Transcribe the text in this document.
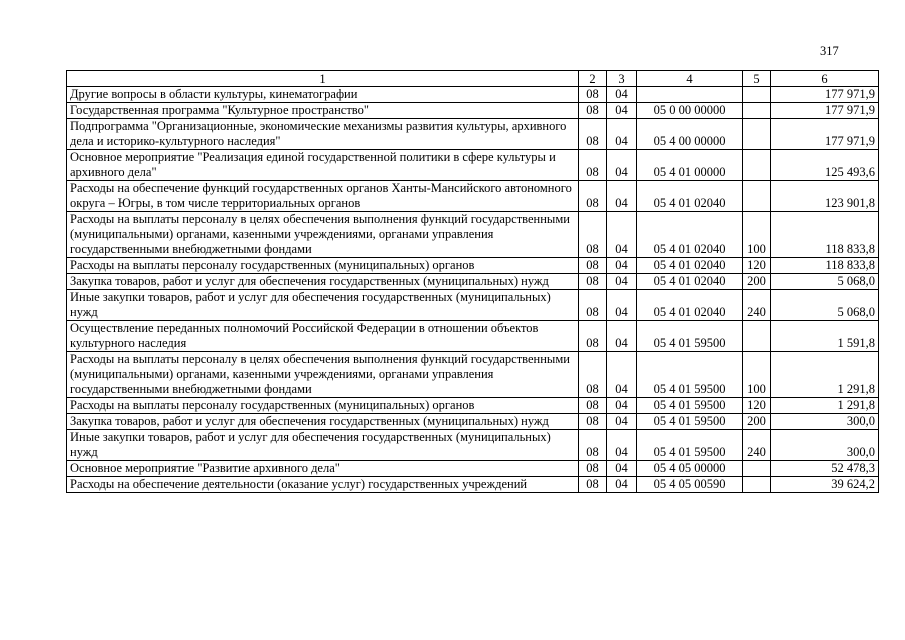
317
1	2	3	4	5	6
Другие вопросы в области культуры, кинематографии	08	04			177 971,9
Государственная программа "Культурное пространство"	08	04	05 0 00 00000		177 971,9
Подпрограмма "Организационные, экономические механизмы развития культуры, архивного дела и историко-культурного наследия"	08	04	05 4 00 00000		177 971,9
Основное мероприятие "Реализация единой государственной политики в сфере культуры и архивного дела"	08	04	05 4 01 00000		125 493,6
Расходы на обеспечение функций государственных органов Ханты-Мансийского автономного округа – Югры, в том числе территориальных органов	08	04	05 4 01 02040		123 901,8
Расходы на выплаты персоналу в целях обеспечения выполнения функций государственными (муниципальными) органами, казенными учреждениями, органами управления государственными внебюджетными фондами	08	04	05 4 01 02040	100	118 833,8
Расходы на выплаты персоналу государственных (муниципальных) органов	08	04	05 4 01 02040	120	118 833,8
Закупка товаров, работ и услуг для обеспечения государственных (муниципальных) нужд	08	04	05 4 01 02040	200	5 068,0
Иные закупки товаров, работ и услуг для обеспечения государственных (муниципальных) нужд	08	04	05 4 01 02040	240	5 068,0
Осуществление переданных полномочий Российской Федерации в отношении объектов культурного наследия	08	04	05 4 01 59500		1 591,8
Расходы на выплаты персоналу в целях обеспечения выполнения функций государственными (муниципальными) органами, казенными учреждениями, органами управления государственными внебюджетными фондами	08	04	05 4 01 59500	100	1 291,8
Расходы на выплаты персоналу государственных (муниципальных) органов	08	04	05 4 01 59500	120	1 291,8
Закупка товаров, работ и услуг для обеспечения государственных (муниципальных) нужд	08	04	05 4 01 59500	200	300,0
Иные закупки товаров, работ и услуг для обеспечения государственных (муниципальных) нужд	08	04	05 4 01 59500	240	300,0
Основное мероприятие "Развитие архивного дела"	08	04	05 4 05 00000		52 478,3
Расходы на обеспечение деятельности (оказание услуг) государственных учреждений	08	04	05 4 05 00590		39 624,2
